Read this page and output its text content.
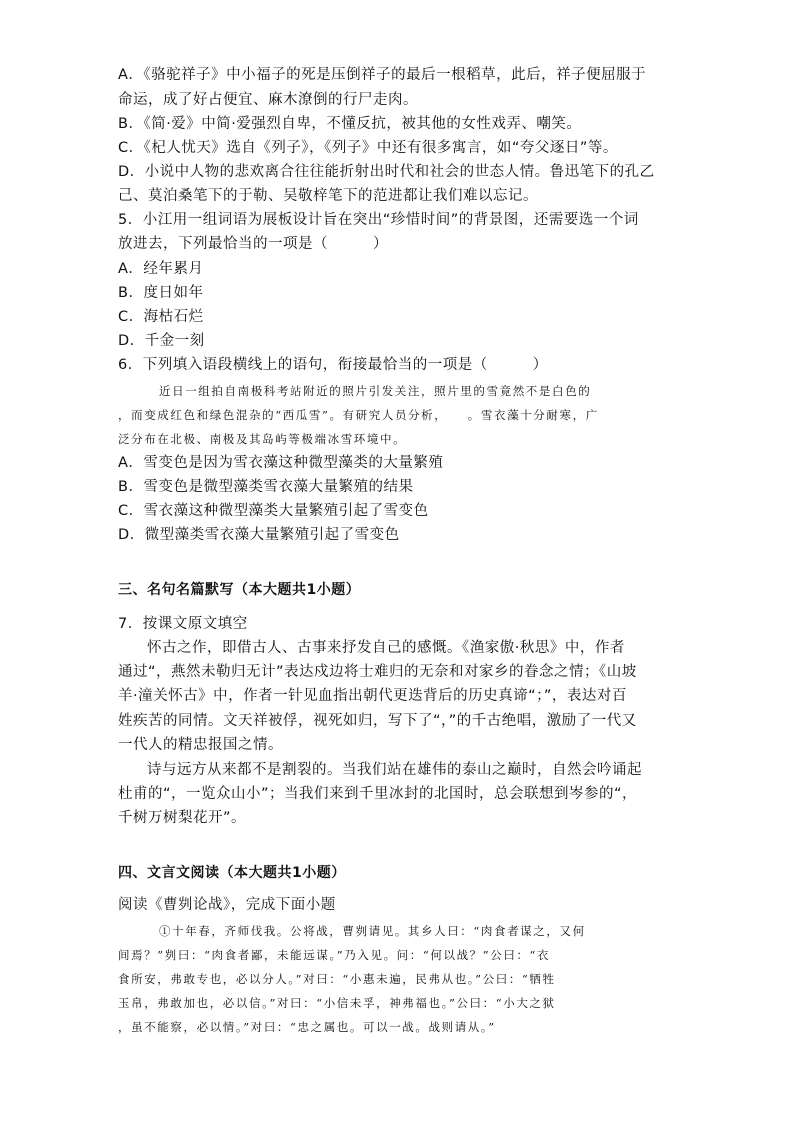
A．《骆驼祥子》中小福子的死是压倒祥子的最后一根稻草，此后，祥子便屈服于
命运，成了好占便宜、麻木潦倒的行尸走肉。
B．《简·爱》中简·爱强烈自卑，不懂反抗，被其他的女性戏弄、嘲笑。
C．《杞人忧天》选自《列子》，《列子》中还有很多寓言，如“夸父逐日”等。
D．小说中人物的悲欢离合往往能折射出时代和社会的世态人情。鲁迅笔下的孔乙
己、莫泊桑笔下的于勒、吴敬梓笔下的范进都让我们难以忘记。
5．小江用一组词语为展板设计旨在突出“珍惜时间”的背景图，还需要选一个词
放进去，下列最恰当的一项是（　　　）
A．经年累月
B．度日如年
C．海枯石烂
D．千金一刻
6．下列填入语段横线上的语句，衔接最恰当的一项是（　　　）
近日一组拍自南极科考站附近的照片引发关注，照片里的雪竟然不是白色的
，而变成红色和绿色混杂的“西瓜雪”。有研究人员分析，　　。雪衣藻十分耐寒，广
泛分布在北极、南极及其岛屿等极端冰雪环境中。
A．雪变色是因为雪衣藻这种微型藻类的大量繁殖
B．雪变色是微型藻类雪衣藻大量繁殖的结果
C．雪衣藻这种微型藻类大量繁殖引起了雪变色
D．微型藻类雪衣藻大量繁殖引起了雪变色
三、名句名篇默写（本大题共1小题）
7．按课文原文填空
怀古之作，即借古人、古事来抒发自己的感慨。《渔家傲·秋思》中，作者
通过“，燕然未勒归无计”表达戍边将士难归的无奈和对家乡的眷念之情；《山坡
羊·潼关怀古》中，作者一针见血指出朝代更迭背后的历史真谛“；”，表达对百
姓疾苦的同情。文天祥被俘，视死如归，写下了“，”的千古绝唱，激励了一代又
一代人的精忠报国之情。
诗与远方从来都不是割裂的。当我们站在雄伟的泰山之巅时，自然会吟诵起
杜甫的“，一览众山小”；当我们来到千里冰封的北国时，总会联想到岑参的“，
千树万树梨花开”。
四、文言文阅读（本大题共1小题）
阅读《曹刿论战》，完成下面小题
①十年春，齐师伐我。公将战，曹刿请见。其乡人曰：“肉食者谋之，又何
间焉？”刿曰：“肉食者鄙，未能远谋。”乃入见。问：“何以战？”公曰：“衣
食所安，弗敢专也，必以分人。”对曰：“小惠未遍，民弗从也。”公曰：“牺牲
玉帛，弗敢加也，必以信。”对曰：“小信未孚，神弗福也。”公曰：“小大之狱
，虽不能察，必以情。”对曰：“忠之属也。可以一战。战则请从。”
